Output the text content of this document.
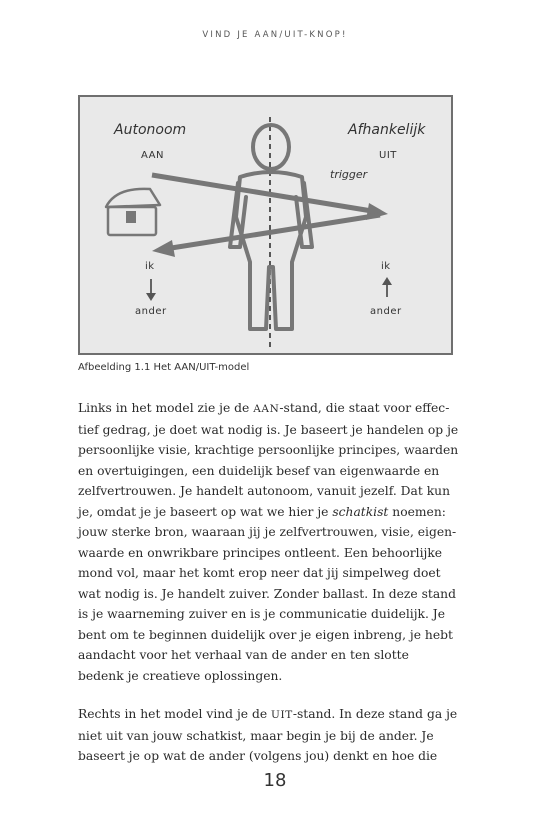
VIND JE AAN/UIT-KNOP!
Autonoom	Afhankelijk
AAN	UIT
trigger
ik
ander
ik
ander
Afbeelding 1.1 Het AAN/UIT-model

Links in het model zie je de AAN-stand, die staat voor effec-
tief gedrag, je doet wat nodig is. Je baseert je handelen op je
persoonlijke visie, krachtige persoonlijke principes, waarden
en overtuigingen, een duidelijk besef van eigenwaarde en
zelfvertrouwen. Je handelt autonoom, vanuit jezelf. Dat kun
je, omdat je je baseert op wat we hier je schatkist noemen:
jouw sterke bron, waaraan jij je zelfvertrouwen, visie, eigen-
waarde en onwrikbare principes ontleent. Een behoorlijke
mond vol, maar het komt erop neer dat jij simpelweg doet
wat nodig is. Je handelt zuiver. Zonder ballast. In deze stand
is je waarneming zuiver en is je communicatie duidelijk. Je
bent om te beginnen duidelijk over je eigen inbreng, je hebt
aandacht voor het verhaal van de ander en ten slotte
bedenk je creatieve oplossingen.

Rechts in het model vind je de UIT-stand. In deze stand ga je
niet uit van jouw schatkist, maar begin je bij de ander. Je
baseert je op wat de ander (volgens jou) denkt en hoe die

18
